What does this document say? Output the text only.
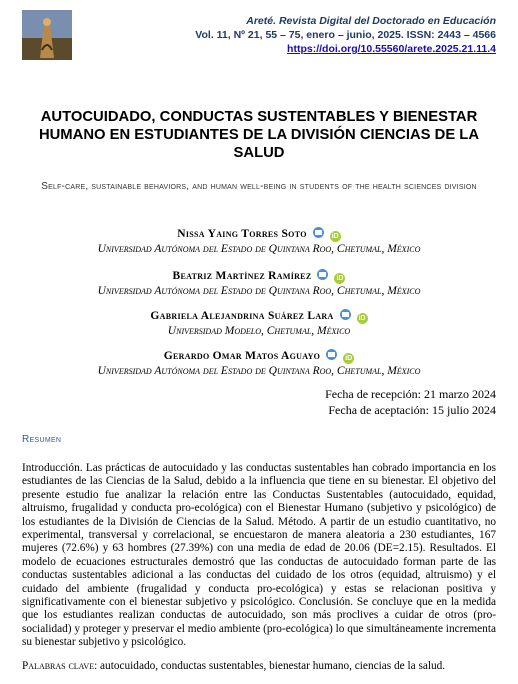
Areté. Revista Digital del Doctorado en Educación
Vol. 11, Nº 21, 55 – 75, enero – junio, 2025. ISSN: 2443 – 4566
https://doi.org/10.55560/arete.2025.21.11.4
AUTOCUIDADO, CONDUCTAS SUSTENTABLES Y BIENESTAR HUMANO EN ESTUDIANTES DE LA DIVISIÓN CIENCIAS DE LA SALUD
Self-care, sustainable behaviors, and human well-being in students of the health sciences division
Nissa Yaing Torres Soto	iD
Universidad Autónoma del Estado de Quintana Roo, Chetumal, México
Beatriz Martínez Ramírez	iD
Universidad Autónoma del Estado de Quintana Roo, Chetumal, México
Gabriela Alejandrina Suárez Lara	iD
Universidad Modelo, Chetumal, México
Gerardo Omar Matos Aguayo	iD
Universidad Autónoma del Estado de Quintana Roo, Chetumal, México
Fecha de recepción: 21 marzo 2024
Fecha de aceptación: 15 julio 2024
Resumen

Introducción. Las prácticas de autocuidado y las conductas sustentables han cobrado importancia en los estudiantes de las Ciencias de la Salud, debido a la influencia que tiene en su bienestar. El objetivo del presente estudio fue analizar la relación entre las Conductas Sustentables (autocuidado, equidad, altruismo, frugalidad y conducta pro-ecológica) con el Bienestar Humano (subjetivo y psicológico) de los estudiantes de la División de Ciencias de la Salud. Método. A partir de un estudio cuantitativo, no experimental, transversal y correlacional, se encuestaron de manera aleatoria a 230 estudiantes, 167 mujeres (72.6%) y 63 hombres (27.39%) con una media de edad de 20.06 (DE=2.15). Resultados. El modelo de ecuaciones estructurales demostró que las conductas de autocuidado forman parte de las conductas sustentables adicional a las conductas del cuidado de los otros (equidad, altruismo) y el cuidado del ambiente (frugalidad y conducta pro-ecológica) y estas se relacionan positiva y significativamente con el bienestar subjetivo y psicológico. Conclusión. Se concluye que en la medida que los estudiantes realizan conductas de autocuidado, son más proclives a cuidar de otros (pro-socialidad) y proteger y preservar el medio ambiente (pro-ecológica) lo que simultáneamente incrementa su bienestar subjetivo y psicológico.

Palabras clave: autocuidado, conductas sustentables, bienestar humano, ciencias de la salud.
